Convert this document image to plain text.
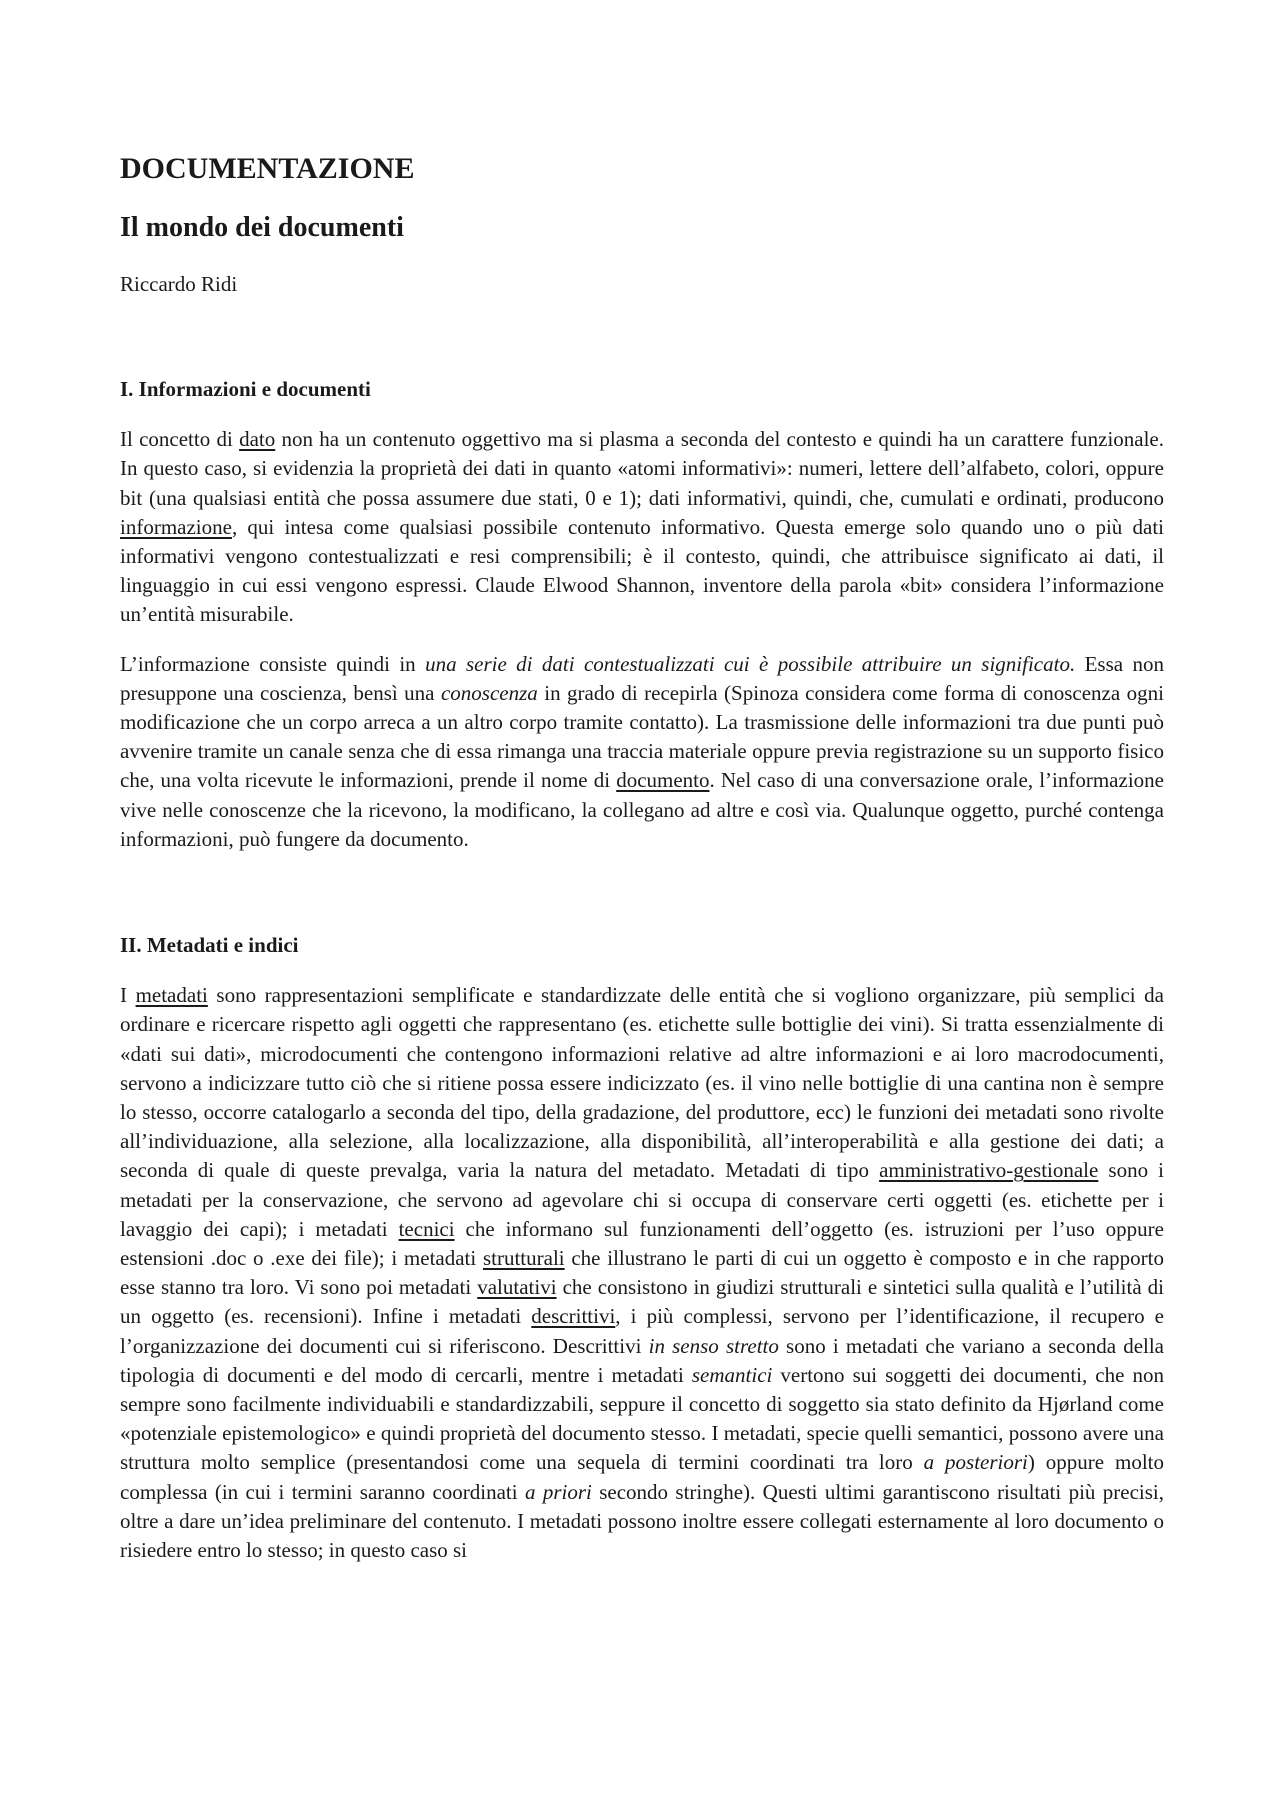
DOCUMENTAZIONE
Il mondo dei documenti
Riccardo Ridi
I. Informazioni e documenti

Il concetto di dato non ha un contenuto oggettivo ma si plasma a seconda del contesto e quindi ha un carattere funzionale. In questo caso, si evidenzia la proprietà dei dati in quanto «atomi informativi»: numeri, lettere dell’alfabeto, colori, oppure bit (una qualsiasi entità che possa assumere due stati, 0 e 1); dati informativi, quindi, che, cumulati e ordinati, producono informazione, qui intesa come qualsiasi possibile contenuto informativo. Questa emerge solo quando uno o più dati informativi vengono contestualizzati e resi comprensibili; è il contesto, quindi, che attribuisce significato ai dati, il linguaggio in cui essi vengono espressi. Claude Elwood Shannon, inventore della parola «bit» considera l’informazione un’entità misurabile.

L’informazione consiste quindi in una serie di dati contestualizzati cui è possibile attribuire un significato. Essa non presuppone una coscienza, bensì una conoscenza in grado di recepirla (Spinoza considera come forma di conoscenza ogni modificazione che un corpo arreca a un altro corpo tramite contatto). La trasmissione delle informazioni tra due punti può avvenire tramite un canale senza che di essa rimanga una traccia materiale oppure previa registrazione su un supporto fisico che, una volta ricevute le informazioni, prende il nome di documento. Nel caso di una conversazione orale, l’informazione vive nelle conoscenze che la ricevono, la modificano, la collegano ad altre e così via. Qualunque oggetto, purché contenga informazioni, può fungere da documento.

II. Metadati e indici

I metadati sono rappresentazioni semplificate e standardizzate delle entità che si vogliono organizzare, più semplici da ordinare e ricercare rispetto agli oggetti che rappresentano (es. etichette sulle bottiglie dei vini). Si tratta essenzialmente di «dati sui dati», microdocumenti che contengono informazioni relative ad altre informazioni e ai loro macrodocumenti, servono a indicizzare tutto ciò che si ritiene possa essere indicizzato (es. il vino nelle bottiglie di una cantina non è sempre lo stesso, occorre catalogarlo a seconda del tipo, della gradazione, del produttore, ecc) le funzioni dei metadati sono rivolte all’individuazione, alla selezione, alla localizzazione, alla disponibilità, all’interoperabilità e alla gestione dei dati; a seconda di quale di queste prevalga, varia la natura del metadato. Metadati di tipo amministrativo-gestionale sono i metadati per la conservazione, che servono ad agevolare chi si occupa di conservare certi oggetti (es. etichette per i lavaggio dei capi); i metadati tecnici che informano sul funzionamenti dell’oggetto (es. istruzioni per l’uso oppure estensioni .doc o .exe dei file); i metadati strutturali che illustrano le parti di cui un oggetto è composto e in che rapporto esse stanno tra loro. Vi sono poi metadati valutativi che consistono in giudizi strutturali e sintetici sulla qualità e l’utilità di un oggetto (es. recensioni). Infine i metadati descrittivi, i più complessi, servono per l’identificazione, il recupero e l’organizzazione dei documenti cui si riferiscono. Descrittivi in senso stretto sono i metadati che variano a seconda della tipologia di documenti e del modo di cercarli, mentre i metadati semantici vertono sui soggetti dei documenti, che non sempre sono facilmente individuabili e standardizzabili, seppure il concetto di soggetto sia stato definito da Hjørland come «potenziale epistemologico» e quindi proprietà del documento stesso. I metadati, specie quelli semantici, possono avere una struttura molto semplice (presentandosi come una sequela di termini coordinati tra loro a posteriori) oppure molto complessa (in cui i termini saranno coordinati a priori secondo stringhe). Questi ultimi garantiscono risultati più precisi, oltre a dare un’idea preliminare del contenuto. I metadati possono inoltre essere collegati esternamente al loro documento o risiedere entro lo stesso; in questo caso si
